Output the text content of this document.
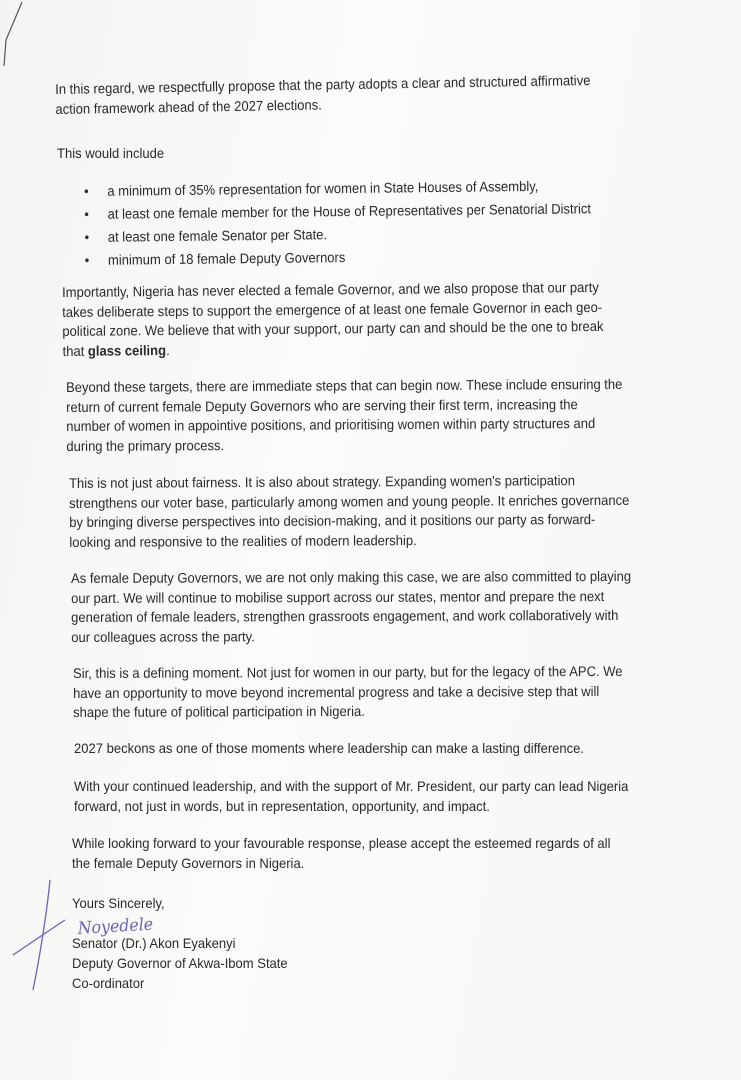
In this regard, we respectfully propose that the party adopts a clear and structured affirmative
action framework ahead of the 2027 elections.
This would include
• a minimum of 35% representation for women in State Houses of Assembly,
• at least one female member for the House of Representatives per Senatorial District
• at least one female Senator per State.
• minimum of 18 female Deputy Governors
Importantly, Nigeria has never elected a female Governor, and we also propose that our party
takes deliberate steps to support the emergence of at least one female Governor in each geo-
political zone. We believe that with your support, our party can and should be the one to break
that glass ceiling.
Beyond these targets, there are immediate steps that can begin now. These include ensuring the
return of current female Deputy Governors who are serving their first term, increasing the
number of women in appointive positions, and prioritising women within party structures and
during the primary process.
This is not just about fairness. It is also about strategy. Expanding women's participation
strengthens our voter base, particularly among women and young people. It enriches governance
by bringing diverse perspectives into decision-making, and it positions our party as forward-
looking and responsive to the realities of modern leadership.
As female Deputy Governors, we are not only making this case, we are also committed to playing
our part. We will continue to mobilise support across our states, mentor and prepare the next
generation of female leaders, strengthen grassroots engagement, and work collaboratively with
our colleagues across the party.
Sir, this is a defining moment. Not just for women in our party, but for the legacy of the APC. We
have an opportunity to move beyond incremental progress and take a decisive step that will
shape the future of political participation in Nigeria.
2027 beckons as one of those moments where leadership can make a lasting difference.
With your continued leadership, and with the support of Mr. President, our party can lead Nigeria
forward, not just in words, but in representation, opportunity, and impact.
While looking forward to your favourable response, please accept the esteemed regards of all
the female Deputy Governors in Nigeria.
Yours Sincerely,
Noyedele
Senator (Dr.) Akon Eyakenyi
Deputy Governor of Akwa-Ibom State
Co-ordinator
